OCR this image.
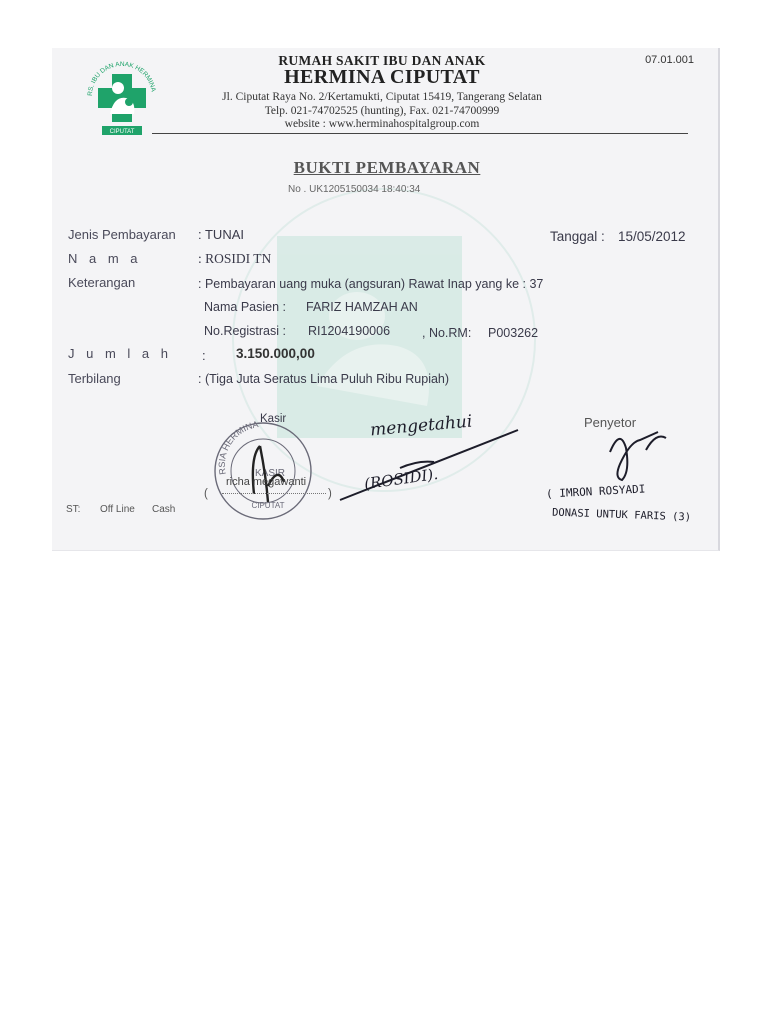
RS. IBU DAN ANAK HERMINA
CIPUTAT
07.01.001
RUMAH SAKIT IBU DAN ANAK
HERMINA CIPUTAT
Jl. Ciputat Raya No. 2/Kertamukti, Ciputat 15419, Tangerang Selatan
Telp. 021-74702525 (hunting), Fax. 021-74700999
website : www.herminahospitalgroup.com
BUKTI PEMBAYARAN
No . UK1205150034 18:40:34
Jenis Pembayaran : TUNAI	Tanggal : 15/05/2012
N a m a	: ROSIDI TN
Keterangan	: Pembayaran uang muka (angsuran) Rawat Inap yang ke : 37
Nama Pasien : FARIZ HAMZAH AN
No.Registrasi : RI1204190006	, No.RM: P003262
J u m l a h : 3.150.000,00
Terbilang	: (Tiga Juta Seratus Lima Puluh Ribu Rupiah)
Kasir
RSIA HERMINA
KASIR
CIPUTAT
(
richa megawanti
)
mengetahui
(ROSIDI).
Penyetor
( IMRON ROSYADI
DONASI UNTUK FARIS (3)
ST: Off Line Cash
